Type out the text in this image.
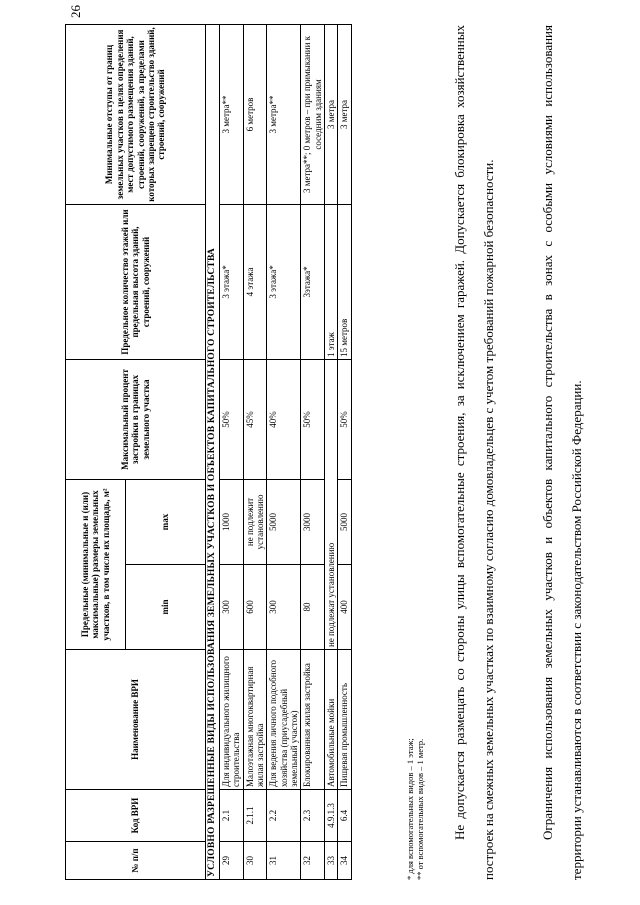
26
№ п/п	Код ВРИ	Наименование ВРИ	Предельные (минимальные и (или) максимальные) размеры земельных участков, в том числе их площадь, м²		Максимальный процент застройки в границах земельного участка	Предельное количество этажей или предельная высота зданий, строений, сооружений	Минимальные отступы от границ земельных участков в целях определения мест допустимого размещения зданий, строений, сооружений, за пределами которых запрещено строительство зданий, строений, сооружений
			min	max			
УСЛОВНО РАЗРЕШЕННЫЕ ВИДЫ ИСПОЛЬЗОВАНИЯ ЗЕМЕЛЬНЫХ УЧАСТКОВ И ОБЪЕКТОВ КАПИТАЛЬНОГО СТРОИТЕЛЬСТВА							
29	2.1	Для индивидуального жилищного строительства	300	1000	50%	3 этажа*	3 метра**
30	2.1.1	Малоэтажная многоквартирная жилая застройка	600	не подлежит установлению	45%	4 этажа	6 метров
31	2.2	Для ведения личного подсобного хозяйства (приусадебный земельный участок)	300	5000	40%	3 этажа*	3 метра**
32	2.3	Блокированная жилая застройка	80	3000	50%	3этажа*	3 метра**; 0 метров – при примыкании к соседним зданиям
33	4.9.1.3	Автомобильные мойки	не подлежат установлению			1 этаж	3 метра
34	6.4	Пищевая промышленность	400	5000	50%	15 метров	3 метра
* для вспомогательных видов – 1 этаж; ** от вспомогательных видов – 1 метр.	Не допускается размещать со стороны улицы вспомогательные строения, за исключением гаражей. Допускается блокировка хозяйственных построек на смежных земельных участках по взаимному согласию домовладельцев с учетом требований пожарной безопасности.	Ограничения использования земельных участков и объектов капитального строительства в зонах с особыми условиями использования территории устанавливаются в соответствии с законодательством Российской Федерации.
